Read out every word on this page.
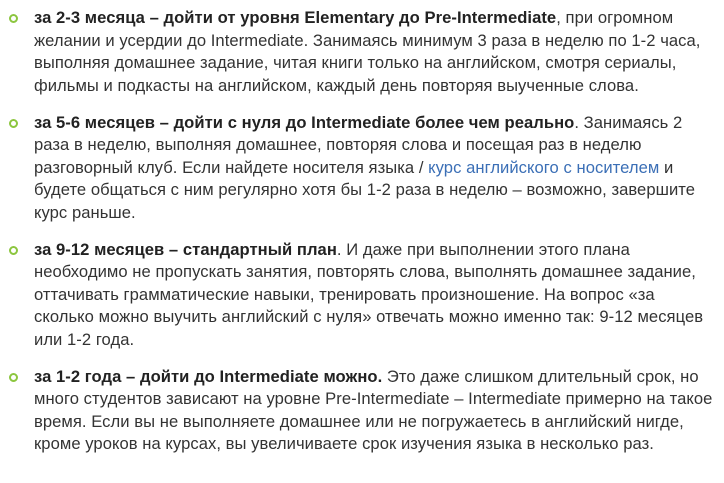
за 2-3 месяца – дойти от уровня Elementary до Pre-Intermediate, при огромном желании и усердии до Intermediate. Занимаясь минимум 3 раза в неделю по 1-2 часа, выполняя домашнее задание, читая книги только на английском, смотря сериалы, фильмы и подкасты на английском, каждый день повторяя выученные слова.
за 5-6 месяцев – дойти с нуля до Intermediate более чем реально. Занимаясь 2 раза в неделю, выполняя домашнее, повторяя слова и посещая раз в неделю разговорный клуб. Если найдете носителя языка / курс английского с носителем и будете общаться с ним регулярно хотя бы 1-2 раза в неделю – возможно, завершите курс раньше.
за 9-12 месяцев – стандартный план. И даже при выполнении этого плана необходимо не пропускать занятия, повторять слова, выполнять домашнее задание, оттачивать грамматические навыки, тренировать произношение. На вопрос «за сколько можно выучить английский с нуля» отвечать можно именно так: 9-12 месяцев или 1-2 года.
за 1-2 года – дойти до Intermediate можно. Это даже слишком длительный срок, но много студентов зависают на уровне Pre-Intermediate – Intermediate примерно на такое время. Если вы не выполняете домашнее или не погружаетесь в английский нигде, кроме уроков на курсах, вы увеличиваете срок изучения языка в несколько раз.
